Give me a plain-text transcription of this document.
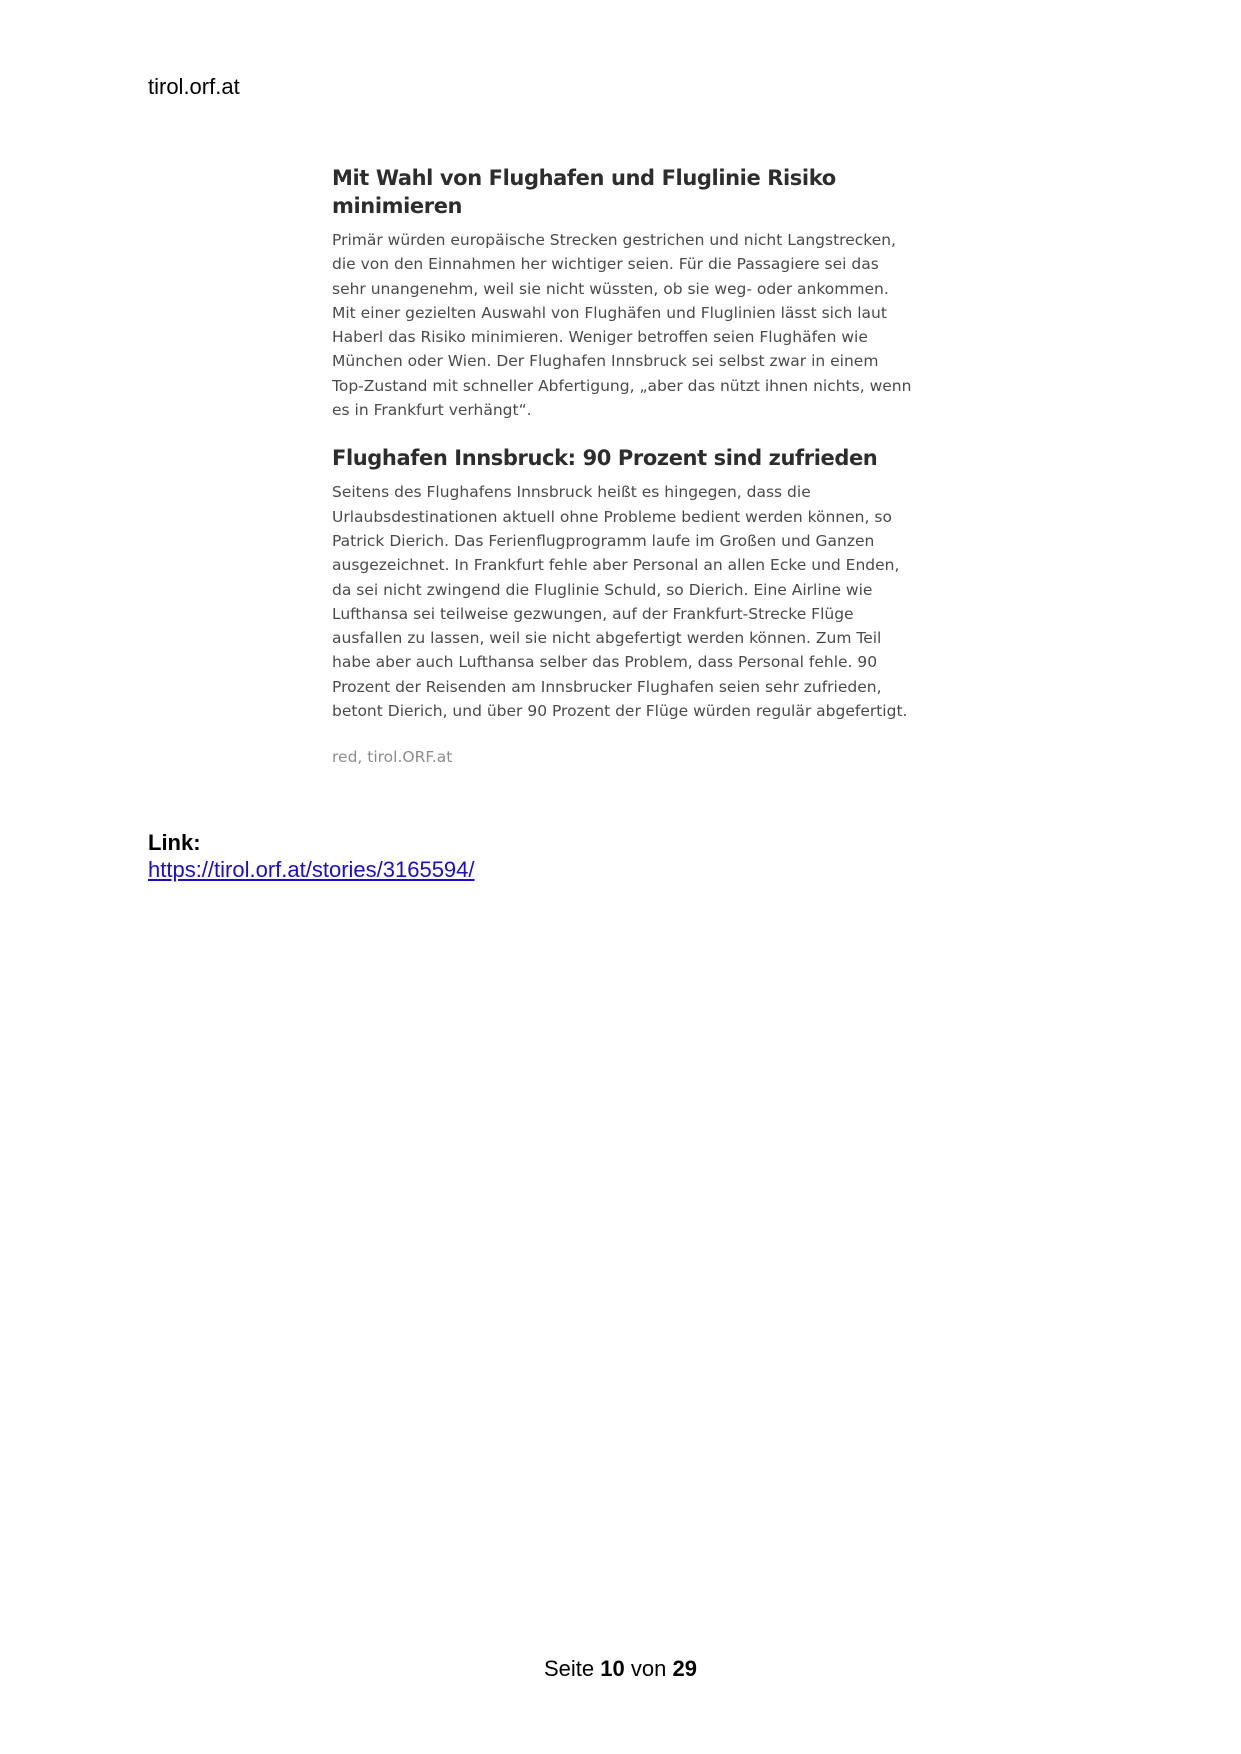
tirol.orf.at
Mit Wahl von Flughafen und Fluglinie Risiko minimieren

Primär würden europäische Strecken gestrichen und nicht Langstrecken, die von den Einnahmen her wichtiger seien. Für die Passagiere sei das sehr unangenehm, weil sie nicht wüssten, ob sie weg- oder ankommen. Mit einer gezielten Auswahl von Flughäfen und Fluglinien lässt sich laut Haberl das Risiko minimieren. Weniger betroffen seien Flughäfen wie München oder Wien. Der Flughafen Innsbruck sei selbst zwar in einem Top-Zustand mit schneller Abfertigung, „aber das nützt ihnen nichts, wenn es in Frankfurt verhängt“.

Flughafen Innsbruck: 90 Prozent sind zufrieden

Seitens des Flughafens Innsbruck heißt es hingegen, dass die Urlaubsdestinationen aktuell ohne Probleme bedient werden können, so Patrick Dierich. Das Ferienflugprogramm laufe im Großen und Ganzen ausgezeichnet. In Frankfurt fehle aber Personal an allen Ecke und Enden, da sei nicht zwingend die Fluglinie Schuld, so Dierich. Eine Airline wie Lufthansa sei teilweise gezwungen, auf der Frankfurt-Strecke Flüge ausfallen zu lassen, weil sie nicht abgefertigt werden können. Zum Teil habe aber auch Lufthansa selber das Problem, dass Personal fehle. 90 Prozent der Reisenden am Innsbrucker Flughafen seien sehr zufrieden, betont Dierich, und über 90 Prozent der Flüge würden regulär abgefertigt.

red, tirol.ORF.at
Link:
https://tirol.orf.at/stories/3165594/
Seite 10 von 29
